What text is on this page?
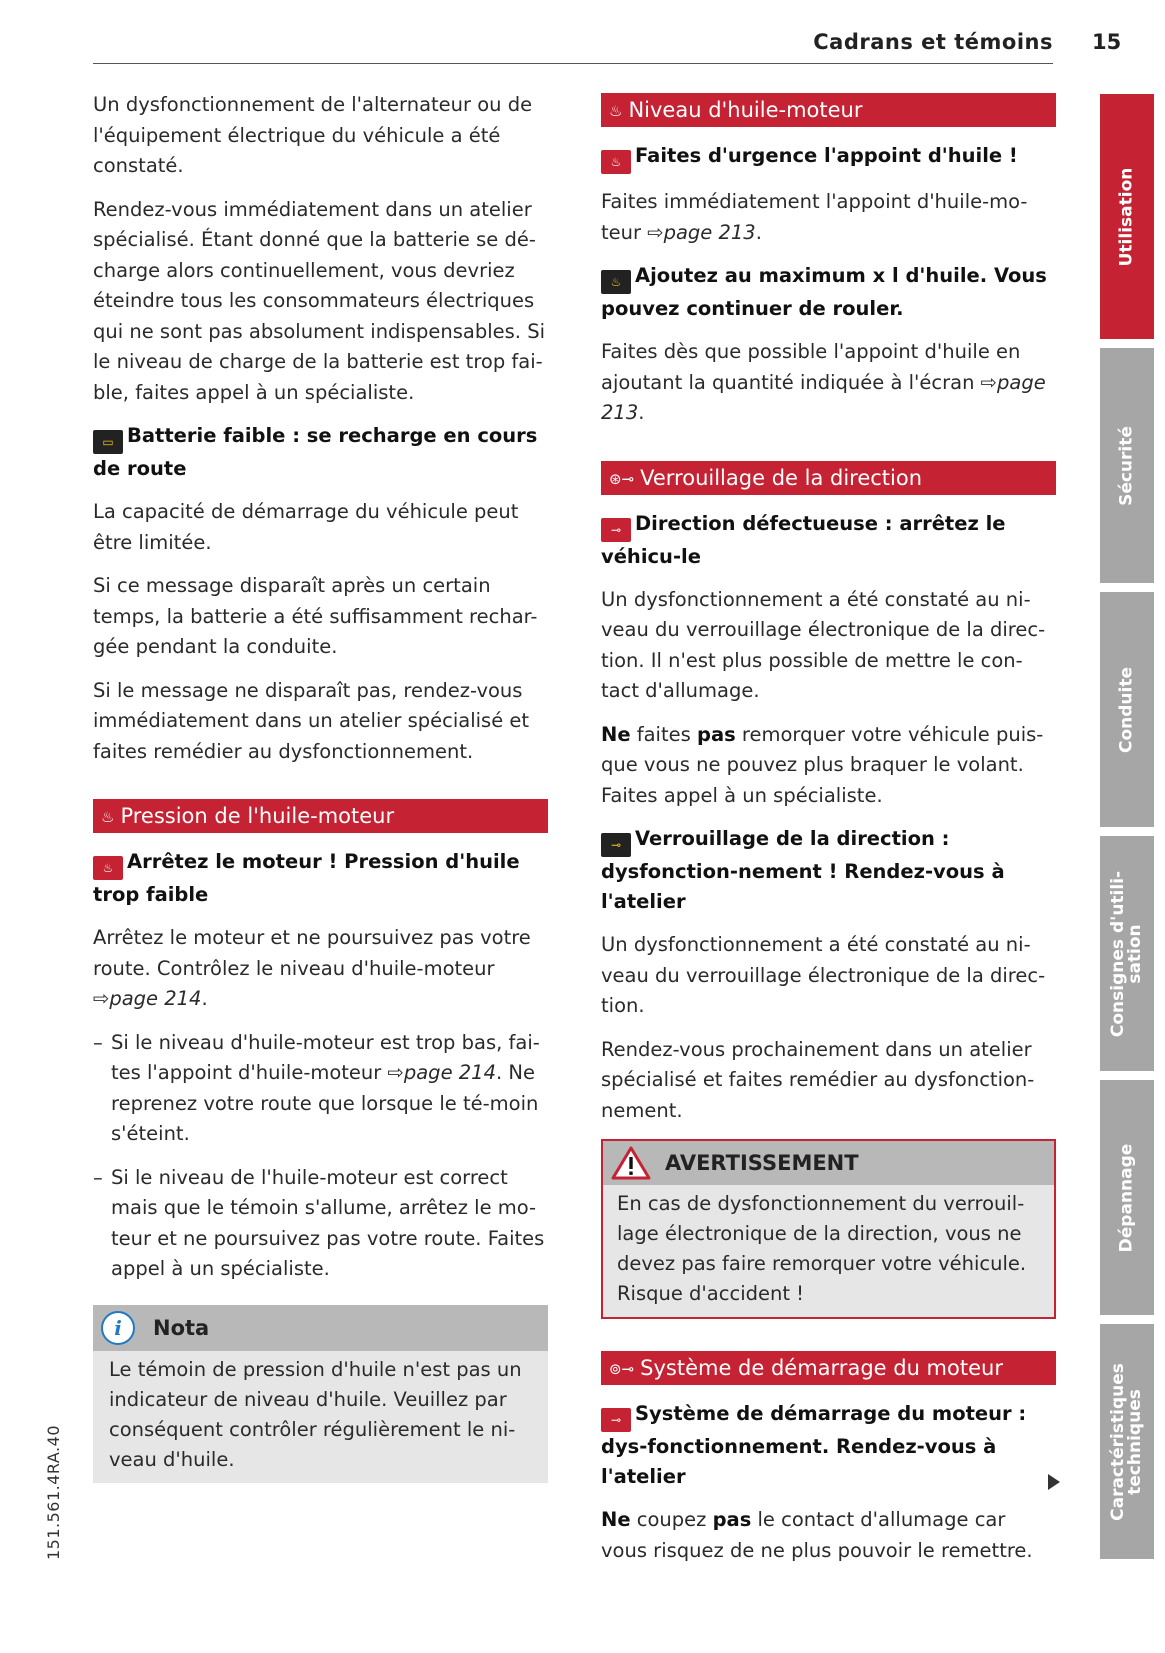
Cadrans et témoins 15

Un dysfonctionnement de l'alternateur ou de l'équipement électrique du véhicule a été constaté.

Rendez-vous immédiatement dans un atelier spécialisé. Étant donné que la batterie se dé-charge alors continuellement, vous devriez éteindre tous les consommateurs électriques qui ne sont pas absolument indispensables. Si le niveau de charge de la batterie est trop fai-ble, faites appel à un spécialiste.

▭ Batterie faible : se recharge en cours de route

La capacité de démarrage du véhicule peut être limitée.

Si ce message disparaît après un certain temps, la batterie a été suffisamment rechar-gée pendant la conduite.

Si le message ne disparaît pas, rendez-vous immédiatement dans un atelier spécialisé et faites remédier au dysfonctionnement.

♨ Pression de l'huile-moteur
♨ Arrêtez le moteur ! Pression d'huile trop faible

Arrêtez le moteur et ne poursuivez pas votre route. Contrôlez le niveau d'huile-moteur ⇨page 214.

– Si le niveau d'huile-moteur est trop bas, fai-tes l'appoint d'huile-moteur ⇨page 214. Ne reprenez votre route que lorsque le té-moin s'éteint.
– Si le niveau de l'huile-moteur est correct mais que le témoin s'allume, arrêtez le mo-teur et ne poursuivez pas votre route. Faites appel à un spécialiste.
i	Nota
Le témoin de pression d'huile n'est pas un indicateur de niveau d'huile. Veuillez par conséquent contrôler régulièrement le ni-veau d'huile.
♨ Niveau d'huile-moteur
♨ Faites d'urgence l'appoint d'huile !

Faites immédiatement l'appoint d'huile-mo-teur ⇨page 213.

♨ Ajoutez au maximum x l d'huile. Vous pouvez continuer de rouler.

Faites dès que possible l'appoint d'huile en ajoutant la quantité indiquée à l'écran ⇨page 213.

⊛⊸ Verrouillage de la direction
⊸ Direction défectueuse : arrêtez le véhicu-le

Un dysfonctionnement a été constaté au ni-veau du verrouillage électronique de la direc-tion. Il n'est plus possible de mettre le con-tact d'allumage.

Ne faites pas remorquer votre véhicule puis-que vous ne pouvez plus braquer le volant. Faites appel à un spécialiste.

⊸ Verrouillage de la direction : dysfonction-nement ! Rendez-vous à l'atelier

Un dysfonctionnement a été constaté au ni-veau du verrouillage électronique de la direc-tion.

Rendez-vous prochainement dans un atelier spécialisé et faites remédier au dysfonction-nement.

AVERTISSEMENT
En cas de dysfonctionnement du verrouil-lage électronique de la direction, vous ne devez pas faire remorquer votre véhicule. Risque d'accident !
⊚⊸ Système de démarrage du moteur
⊸ Système de démarrage du moteur : dys-fonctionnement. Rendez-vous à l'atelier

Ne coupez pas le contact d'allumage car vous risquez de ne plus pouvoir le remettre.

151.561.4RA.40
Utilisation
Sécurité
Conduite
Consignes d'utili-
sation
Dépannage
Caractéristiques
techniques
